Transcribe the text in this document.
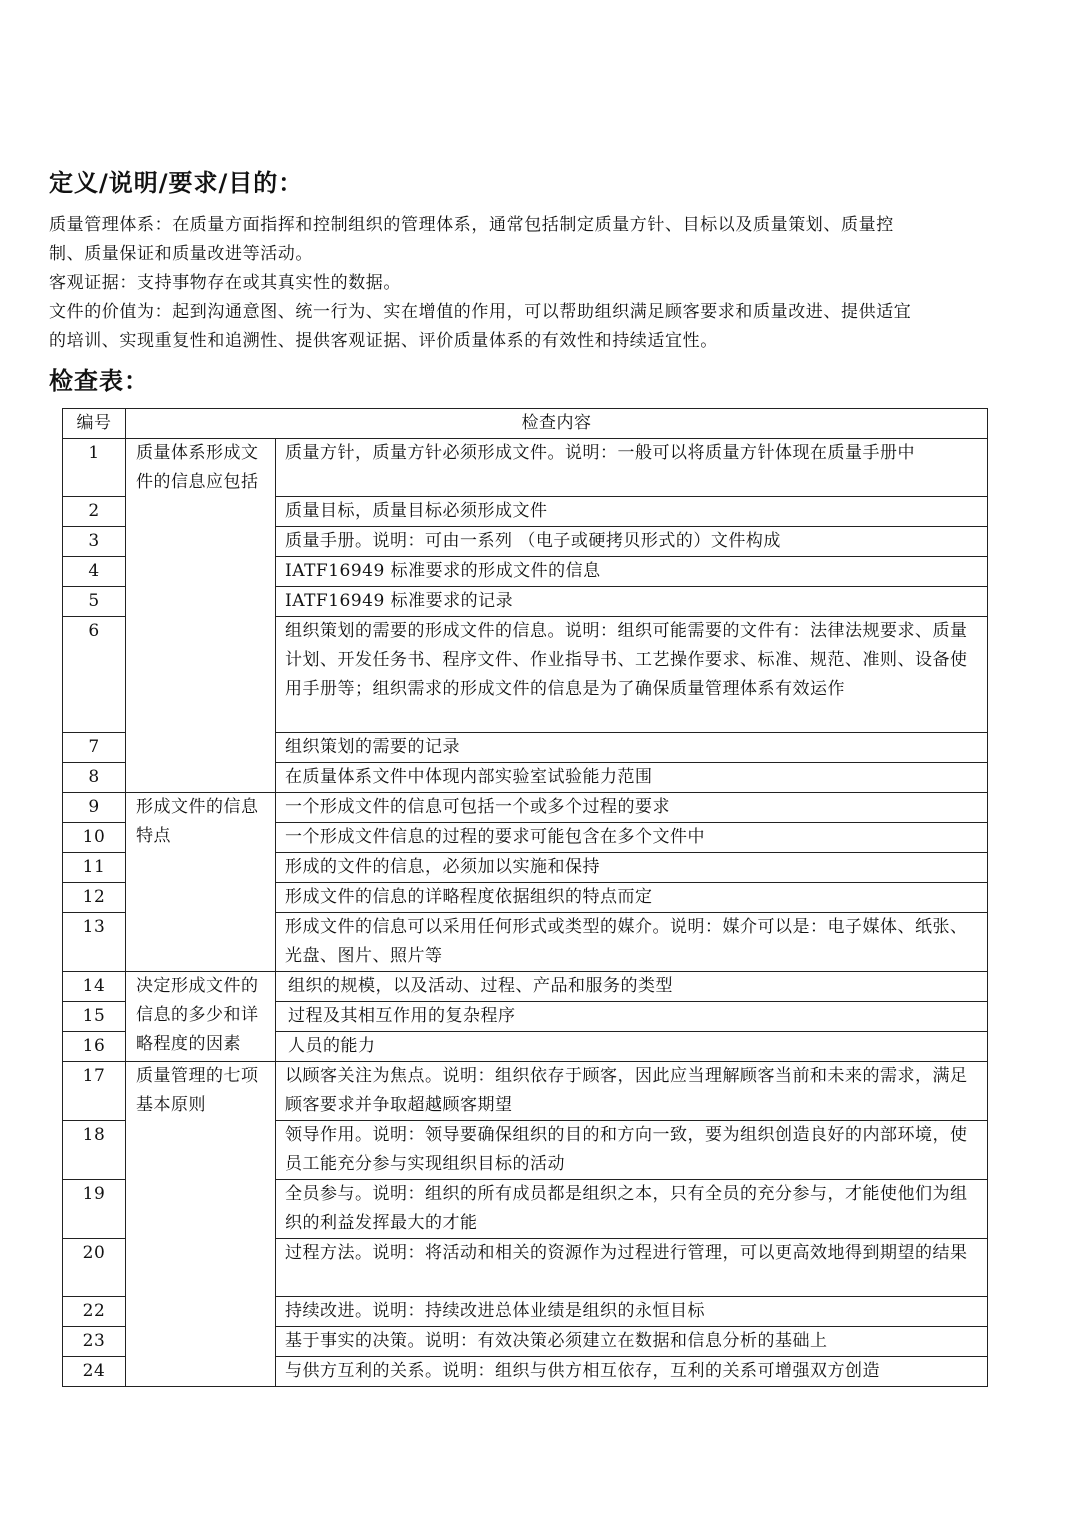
定义/说明/要求/目的：

质量管理体系：在质量方面指挥和控制组织的管理体系，通常包括制定质量方针、目标以及质量策划、质量控制、质量保证和质量改进等活动。

客观证据：支持事物存在或其真实性的数据。

文件的价值为：起到沟通意图、统一行为、实在增值的作用，可以帮助组织满足顾客要求和质量改进、提供适宜的培训、实现重复性和追溯性、提供客观证据、评价质量体系的有效性和持续适宜性。

检查表：
编号	检查内容	
1	质量体系形成文件的信息应包括	质量方针，质量方针必须形成文件。说明：一般可以将质量方针体现在质量手册中
2		质量目标，质量目标必须形成文件
3		质量手册。说明：可由一系列 （电子或硬拷贝形式的）文件构成
4		IATF16949 标准要求的形成文件的信息
5		IATF16949 标准要求的记录
6		组织策划的需要的形成文件的信息。说明：组织可能需要的文件有：法律法规要求、质量计划、开发任务书、程序文件、作业指导书、工艺操作要求、标准、规范、准则、设备使用手册等；组织需求的形成文件的信息是为了确保质量管理体系有效运作
7		组织策划的需要的记录
8		在质量体系文件中体现内部实验室试验能力范围
9	形成文件的信息特点	一个形成文件的信息可包括一个或多个过程的要求
10		一个形成文件信息的过程的要求可能包含在多个文件中
11		形成的文件的信息，必须加以实施和保持
12		形成文件的信息的详略程度依据组织的特点而定
13		形成文件的信息可以采用任何形式或类型的媒介。说明：媒介可以是：电子媒体、纸张、光盘、图片、照片等
14	决定形成文件的信息的多少和详略程度的因素	组织的规模，以及活动、过程、产品和服务的类型
15		过程及其相互作用的复杂程序
16		人员的能力
17	质量管理的七项基本原则	以顾客关注为焦点。说明：组织依存于顾客，因此应当理解顾客当前和未来的需求，满足顾客要求并争取超越顾客期望
18		领导作用。说明：领导要确保组织的目的和方向一致，要为组织创造良好的内部环境，使员工能充分参与实现组织目标的活动
19		全员参与。说明：组织的所有成员都是组织之本，只有全员的充分参与，才能使他们为组织的利益发挥最大的才能
20		过程方法。说明：将活动和相关的资源作为过程进行管理，可以更高效地得到期望的结果
22		持续改进。说明：持续改进总体业绩是组织的永恒目标
23		基于事实的决策。说明：有效决策必须建立在数据和信息分析的基础上
24		与供方互利的关系。说明：组织与供方相互依存，互利的关系可增强双方创造
